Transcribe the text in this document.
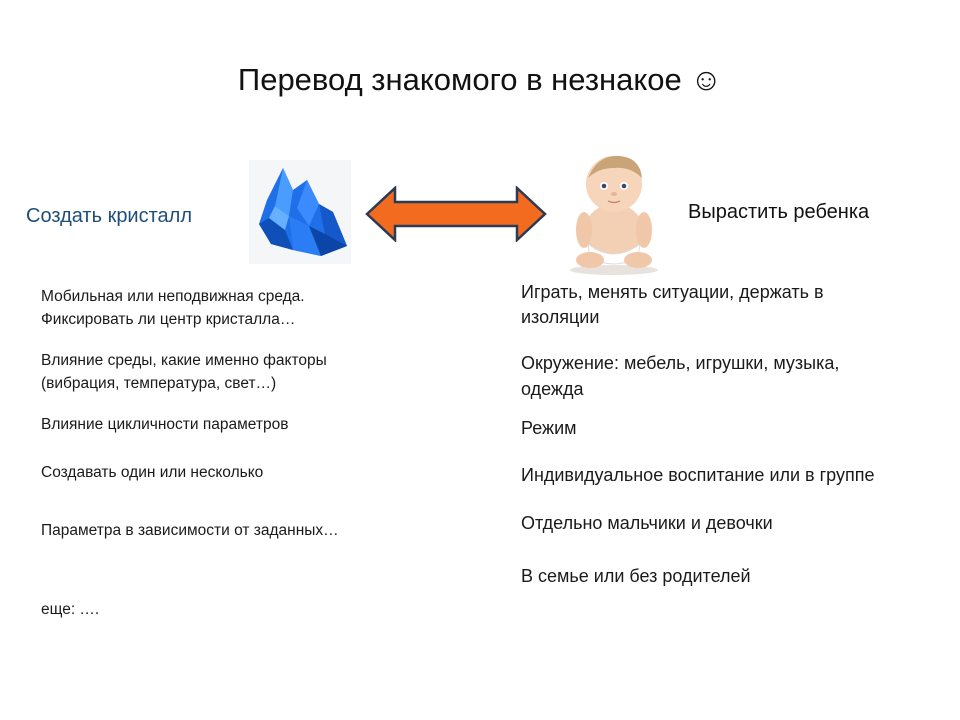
Перевод знакомого в незнакое ☺
Создать кристалл	Вырастить ребенка
Мобильная или неподвижная среда.
Фиксировать ли центр кристалла…
Влияние среды, какие именно факторы
(вибрация, температура, свет…)
Влияние цикличности параметров
Создавать один или несколько
Параметра в зависимости от заданных…
еще: ….
Играть, менять ситуации, держать в
изоляции
Окружение: мебель, игрушки, музыка,
одежда
Режим
Индивидуальное воспитание или в группе
Отдельно мальчики и девочки
В семье или без родителей
